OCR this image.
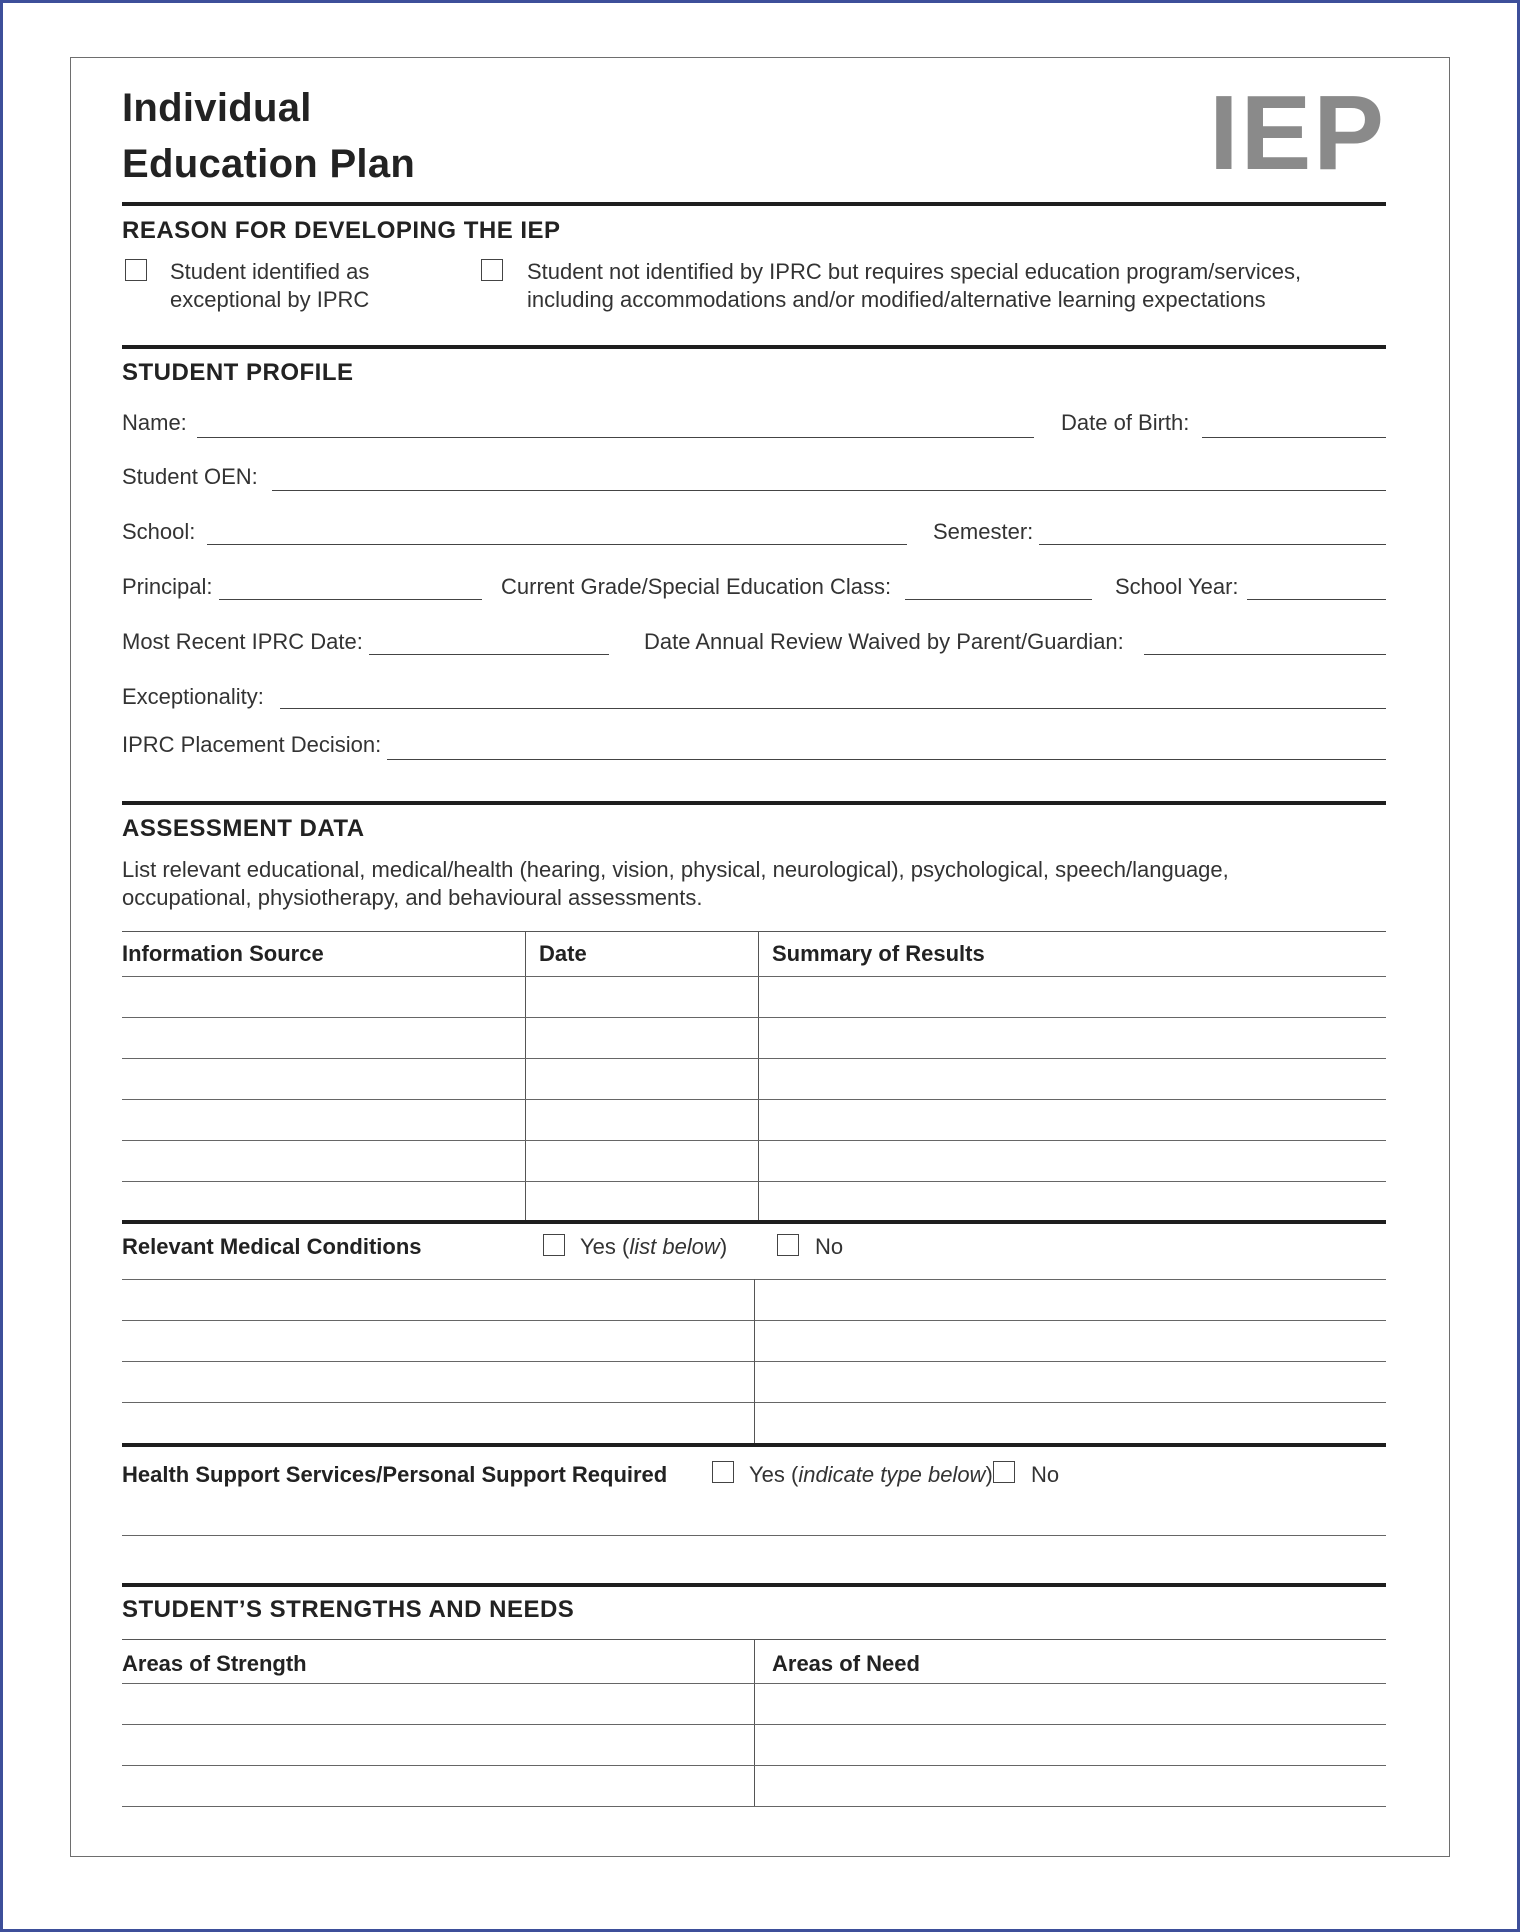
Individual
Education Plan	IEP
REASON FOR DEVELOPING THE IEP
Student identified as
exceptional by IPRC
Student not identified by IPRC but requires special education program/services,
including accommodations and/or modified/alternative learning expectations
STUDENT PROFILE
Name:	Date of Birth:
Student OEN:
School:	Semester:
Principal:	Current Grade/Special Education Class:	School Year:
Most Recent IPRC Date:	Date Annual Review Waived by Parent/Guardian:
Exceptionality:
IPRC Placement Decision:
ASSESSMENT DATA
List relevant educational, medical/health (hearing, vision, physical, neurological), psychological, speech/language,
occupational, physiotherapy, and behavioural assessments.
Information Source	Date	Summary of Results
Relevant Medical Conditions	Yes (list below)	No
Health Support Services/Personal Support Required	Yes (indicate type below) No
STUDENT’S STRENGTHS AND NEEDS
Areas of Strength	Areas of Need
